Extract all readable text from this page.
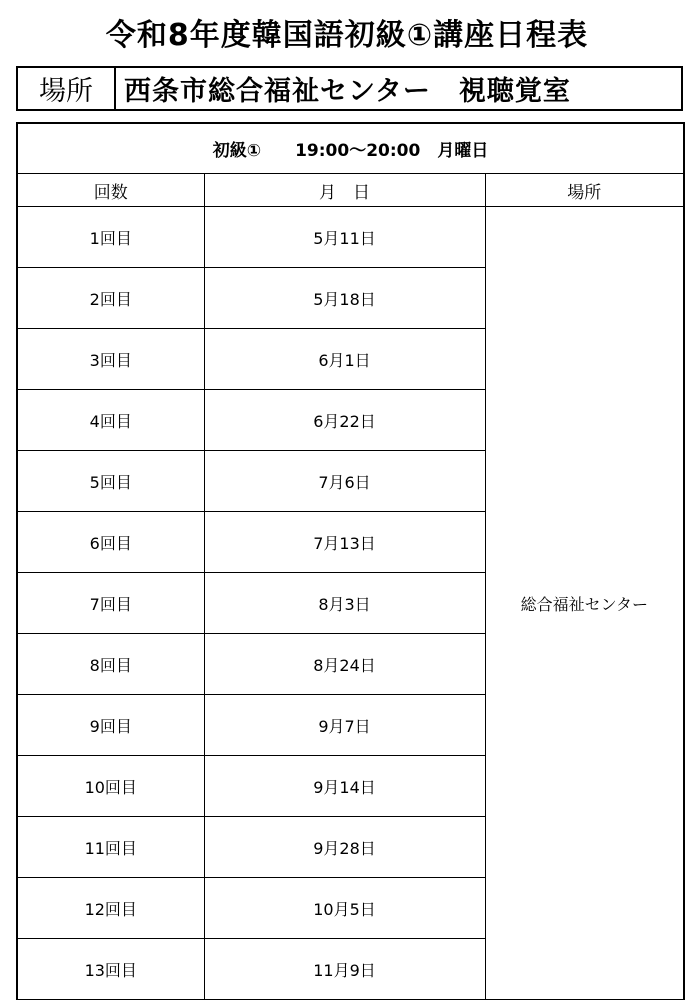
令和8年度韓国語初級①講座日程表
場所	西条市総合福祉センター　視聴覚室
初級①　　19:00～20:00　月曜日		
回数	月　日	場所
1回目	5月11日	総合福祉センター
2回目	5月18日	
3回目	6月1日	
4回目	6月22日	
5回目	7月6日	
6回目	7月13日	
7回目	8月3日	
8回目	8月24日	
9回目	9月7日	
10回目	9月14日	
11回目	9月28日	
12回目	10月5日	
13回目	11月9日	
